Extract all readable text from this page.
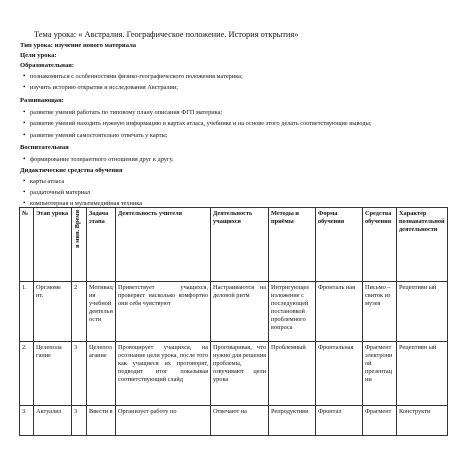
Тема урока: « Австралия. Географическое положение. История открытия»
Тип урока: изучение нового материала
Цели урока:
Образовательная:
• познакомиться с особенностями физико-географического положения материка;
• изучить историю открытия и исследования Австралии;
Развивающая:
• развитие умений работать по типовому плану описания ФГП материка;
• развитие умений находить нужную информацию в картах атласа, учебнике и на основе этого делать соответствующие выводы;
• развитие умений самостоятельно отвечать у карты;
Воспитательная
• формирование толерантного отношения друг к другу.
Дидактические средства обучения
• карты атласа
• раздаточный материал
• компьютерная и мультимедийная техника
№	Этап урока	в мин. Время	Задача этапа	Деятельность учителя	Деятельность учащихся	Методы и приёмы	Форма обучения	Средства обучения	Характер познавательной деятельности
1.	Орг.моме нт.	2	Мотивац ия учебной деятельн ости	Приветствует учащихся, проверяет насколько комфортно они себя чувствуют	Настраиваются на деловой ритм	Интригующее изложение с последующей постановкой проблемного вопроса	Фронталь ная	Письмо – свиток из музея	Рецептивн ый
2.	Целепола гание	3	Целепол агание	Провоцирует учащихся, на осознание цели урока, после того как учащиеся их проговорят, подводит итог показывая соответствующий слайд	Проговаривая, что нужно для решения проблемы, озвучивают цели урока	Проблемный	Фронтальная	Фрагмент электронн ой презентац ии	Рецептивн ый
3.	Актуализ	3	Ввести в	Организует работу по	Отвечают на	Репродуктивн	Фронтал	Фрагмент	Конструкти
